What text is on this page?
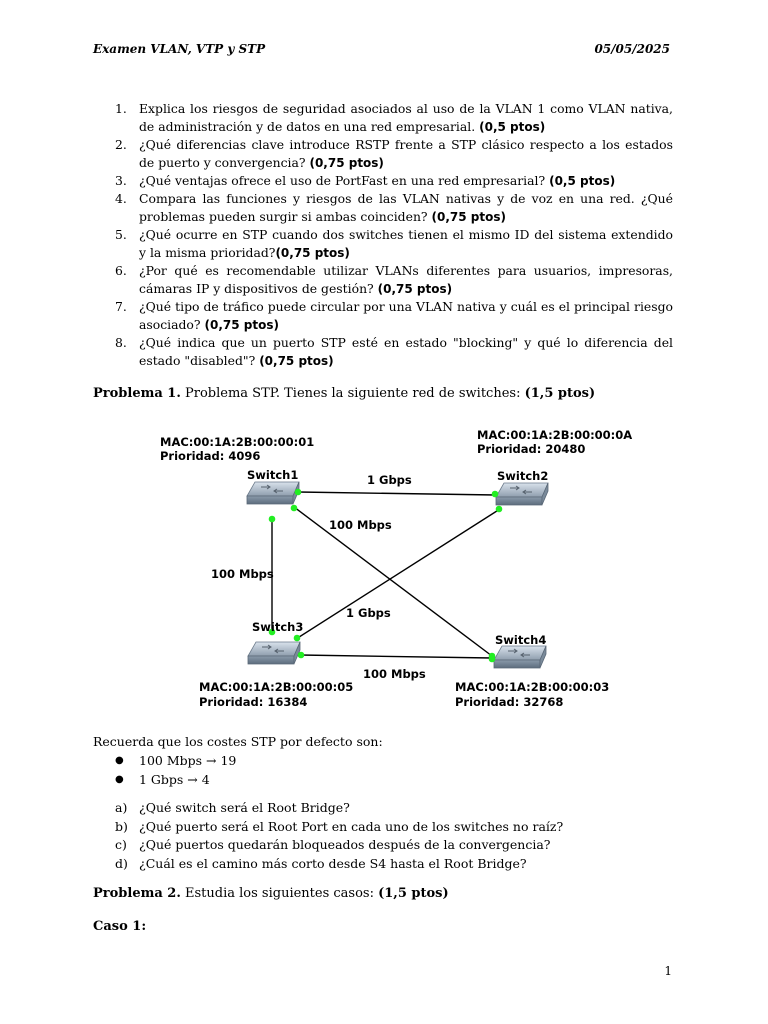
Examen VLAN, VTP y STP	05/05/2025
1. Explica los riesgos de seguridad asociados al uso de la VLAN 1 como VLAN nativa, de administración y de datos en una red empresarial. (0,5 ptos)
2. ¿Qué diferencias clave introduce RSTP frente a STP clásico respecto a los estados de puerto y convergencia? (0,75 ptos)
3. ¿Qué ventajas ofrece el uso de PortFast en una red empresarial? (0,5 ptos)
4. Compara las funciones y riesgos de las VLAN nativas y de voz en una red. ¿Qué problemas pueden surgir si ambas coinciden? (0,75 ptos)
5. ¿Qué ocurre en STP cuando dos switches tienen el mismo ID del sistema extendido y la misma prioridad?(0,75 ptos)
6. ¿Por qué es recomendable utilizar VLANs diferentes para usuarios, impresoras, cámaras IP y dispositivos de gestión? (0,75 ptos)
7. ¿Qué tipo de tráfico puede circular por una VLAN nativa y cuál es el principal riesgo asociado? (0,75 ptos)
8. ¿Qué indica que un puerto STP esté en estado "blocking" y qué lo diferencia del estado "disabled"? (0,75 ptos)
Problema 1. Problema STP. Tienes la siguiente red de switches: (1,5 ptos)
MAC:00:1A:2B:00:00:01
Prioridad: 4096
Switch1
MAC:00:1A:2B:00:00:0A
Prioridad: 20480
Switch2
Switch3
MAC:00:1A:2B:00:00:05
Prioridad: 16384
Switch4
MAC:00:1A:2B:00:00:03
Prioridad: 32768
1 Gbps
100 Mbps
100 Mbps
1 Gbps
100 Mbps
Recuerda que los costes STP por defecto son:
● 100 Mbps → 19
● 1 Gbps → 4
a) ¿Qué switch será el Root Bridge?
b) ¿Qué puerto será el Root Port en cada uno de los switches no raíz?
c) ¿Qué puertos quedarán bloqueados después de la convergencia?
d) ¿Cuál es el camino más corto desde S4 hasta el Root Bridge?
Problema 2. Estudia los siguientes casos: (1,5 ptos)
Caso 1:
1
